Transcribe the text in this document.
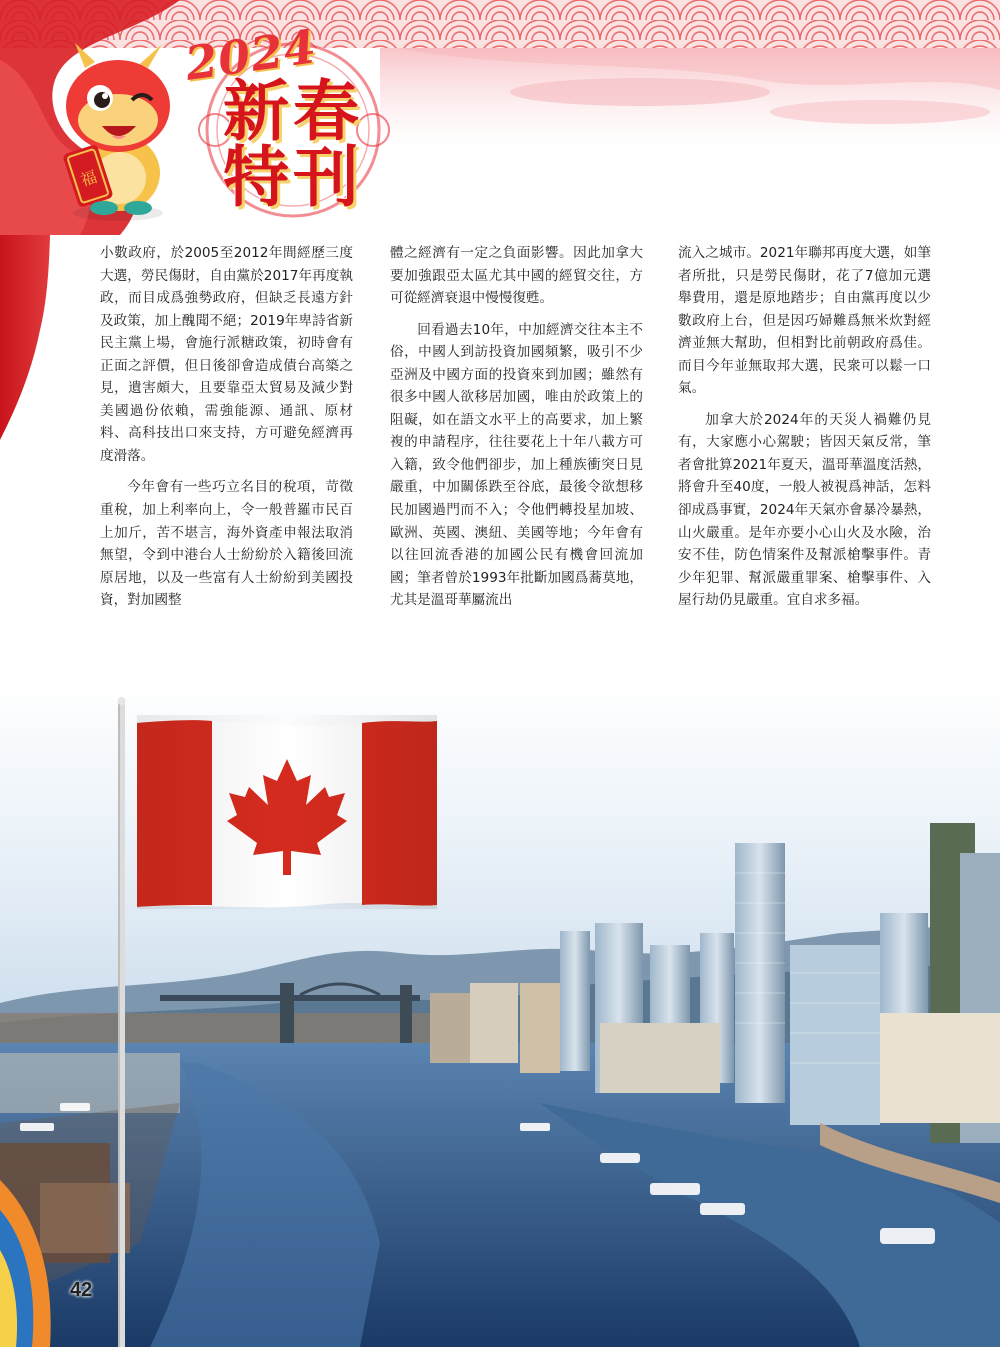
福
2024
新春
特刊

小數政府，於2005至2012年間經歷三度大選，勞民傷財，自由黨於2017年再度執政，而目成爲強勢政府，但缺乏長遠方針及政策，加上醜聞不絕；2019年卑詩省新民主黨上場，會施行派糖政策，初時會有正面之評價，但日後卻會造成債台高築之見，遺害頗大，且要靠亞太貿易及減少對美國過份依賴，需強能源、通訊、原材料、高科技出口來支持，方可避免經濟再度滑落。

今年會有一些巧立名目的稅項，苛徵重稅，加上利率向上，令一般普羅市民百上加斤，苦不堪言，海外資產申報法取消無望，令到中港台人士紛紛於入籍後回流原居地，以及一些富有人士紛紛到美國投資，對加國整

體之經濟有一定之負面影響。因此加拿大要加強跟亞太區尤其中國的經貿交往，方可從經濟衰退中慢慢復甦。

回看過去10年，中加經濟交往本主不俗，中國人到訪投資加國頻繁，吸引不少亞洲及中國方面的投資來到加國；雖然有很多中國人欲移居加國，唯由於政策上的阻礙，如在語文水平上的高要求，加上繁複的申請程序，往往要花上十年八載方可入籍，致令他們卻步，加上種族衝突日見嚴重，中加關係跌至谷底，最後令欲想移民加國過門而不入；令他們轉投星加坡、歐洲、英國、澳紐、美國等地；今年會有以往回流香港的加國公民有機會回流加國；筆者曾於1993年批斷加國爲蕎莫地，尤其是溫哥華屬流出

流入之城市。2021年聯邦再度大選，如筆者所批，只是勞民傷財，花了7億加元選舉費用，還是原地踏步；自由黨再度以少數政府上台，但是因巧婦難爲無米炊對經濟並無大幫助，但相對比前朝政府爲佳。而目今年並無取邦大選，民衆可以鬆一口氣。

加拿大於2024年的天災人禍難仍見有，大家應小心駕駛；皆因天氣反常，筆者會批算2021年夏天，溫哥華溫度活熱，將會升至40度，一般人被視爲神話，怎料卻成爲事實，2024年天氣亦會暴冷暴熱，山火嚴重。是年亦要小心山火及水險，治安不佳，防色情案件及幫派槍擊事件。青少年犯罪、幫派嚴重罪案、槍擊事件、入屋行劫仍見嚴重。宜自求多福。

42
